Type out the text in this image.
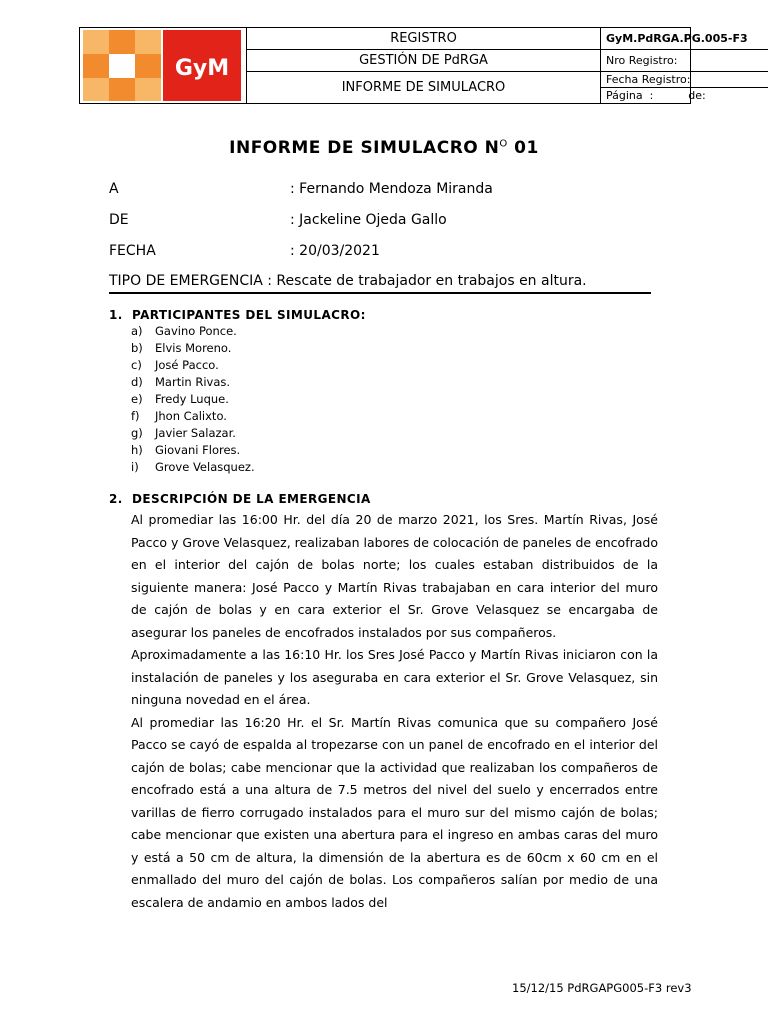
GyM
REGISTRO
GESTIÓN DE PdRGA
INFORME DE SIMULACRO
GyM.PdRGA.PG.005-F3
Nro Registro:
Fecha Registro:
Página  :          de:
INFORME DE SIMULACRO $N^O$ 01
A	: Fernando Mendoza Miranda
DE	: Jackeline Ojeda Gallo
FECHA	: 20/03/2021
TIPO DE EMERGENCIA : Rescate de trabajador en trabajos en altura.
1. PARTICIPANTES DEL SIMULACRO:
a) Gavino Ponce.
b) Elvis Moreno.
c) José Pacco.
d) Martin Rivas.
e) Fredy Luque.
f) Jhon Calixto.
g) Javier Salazar.
h) Giovani Flores.
i) Grove Velasquez.
2. DESCRIPCIÓN DE LA EMERGENCIA

Al promediar las 16:00 Hr. del día 20 de marzo 2021, los Sres. Martín Rivas, José Pacco y Grove Velasquez, realizaban labores de colocación de paneles de encofrado en el interior del cajón de bolas norte; los cuales estaban distribuidos de la siguiente manera: José Pacco y Martín Rivas trabajaban en cara interior del muro de cajón de bolas y en cara exterior el Sr. Grove Velasquez se encargaba de asegurar los paneles de encofrados instalados por sus compañeros.

Aproximadamente a las 16:10 Hr. los Sres José Pacco y Martín Rivas iniciaron con la instalación de paneles y los aseguraba en cara exterior el Sr. Grove Velasquez, sin ninguna novedad en el área.

Al promediar las 16:20 Hr. el Sr. Martín Rivas comunica que su compañero José Pacco se cayó de espalda al tropezarse con un panel de encofrado en el interior del cajón de bolas; cabe mencionar que la actividad que realizaban los compañeros de encofrado está a una altura de 7.5 metros del nivel del suelo y encerrados entre varillas de fierro corrugado instalados para el muro sur del mismo cajón de bolas; cabe mencionar que existen una abertura para el ingreso en ambas caras del muro y está a 50 cm de altura, la dimensión de la abertura es de 60cm x 60 cm en el enmallado del muro del cajón de bolas. Los compañeros salían por medio de una escalera de andamio en ambos lados del

15/12/15 PdRGAPG005-F3 rev3
